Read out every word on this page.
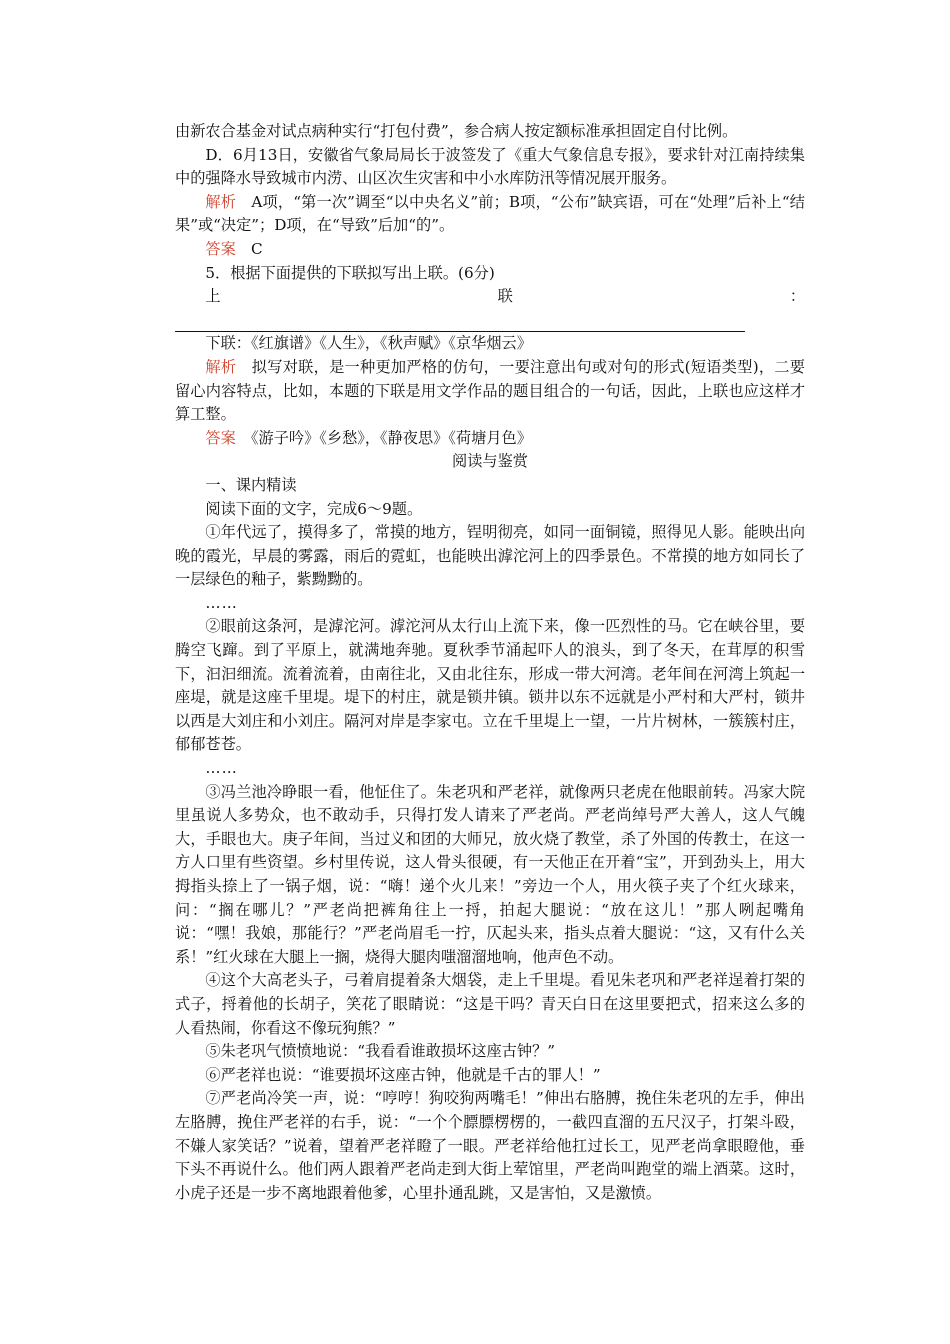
由新农合基金对试点病种实行“打包付费”，参合病人按定额标准承担固定自付比例。

D．6月13日，安徽省气象局局长于波签发了《重大气象信息专报》，要求针对江南持续集中的强降水导致城市内涝、山区次生灾害和中小水库防汛等情况展开服务。

解析　A项，“第一次”调至“以中央名义”前；B项，“公布”缺宾语，可在“处理”后补上“结果”或“决定”；D项，在“导致”后加“的”。

答案　C

5．根据下面提供的下联拟写出上联。(6分)

上联：

下联：《红旗谱》《人生》，《秋声赋》《京华烟云》

解析　拟写对联，是一种更加严格的仿句，一要注意出句或对句的形式(短语类型)，二要留心内容特点，比如，本题的下联是用文学作品的题目组合的一句话，因此，上联也应这样才算工整。

答案　《游子吟》《乡愁》，《静夜思》《荷塘月色》

阅读与鉴赏

一、课内精读

阅读下面的文字，完成6～9题。

①年代远了，摸得多了，常摸的地方，锃明彻亮，如同一面铜镜，照得见人影。能映出向晚的霞光，早晨的雾露，雨后的霓虹，也能映出滹沱河上的四季景色。不常摸的地方如同长了一层绿色的釉子，紫黝黝的。

……

②眼前这条河，是滹沱河。滹沱河从太行山上流下来，像一匹烈性的马。它在峡谷里，要腾空飞蹿。到了平原上，就满地奔驰。夏秋季节涌起吓人的浪头，到了冬天，在茸厚的积雪下，汩汩细流。流着流着，由南往北，又由北往东，形成一带大河湾。老年间在河湾上筑起一座堤，就是这座千里堤。堤下的村庄，就是锁井镇。锁井以东不远就是小严村和大严村，锁井以西是大刘庄和小刘庄。隔河对岸是李家屯。立在千里堤上一望，一片片树林，一簇簇村庄，郁郁苍苍。

……

③冯兰池冷睁眼一看，他怔住了。朱老巩和严老祥，就像两只老虎在他眼前转。冯家大院里虽说人多势众，也不敢动手，只得打发人请来了严老尚。严老尚绰号严大善人，这人气魄大，手眼也大。庚子年间，当过义和团的大师兄，放火烧了教堂，杀了外国的传教士，在这一方人口里有些资望。乡村里传说，这人骨头很硬，有一天他正在开着“宝”，开到劲头上，用大拇指头捺上了一锅子烟，说：“嗨！递个火儿来！”旁边一个人，用火筷子夹了个红火球来，问：“搁在哪儿？”严老尚把裤角往上一捋，拍起大腿说：“放在这儿！”那人咧起嘴角说：“嘿！我娘，那能行？”严老尚眉毛一拧，仄起头来，指头点着大腿说：“这，又有什么关系！”红火球在大腿上一搁，烧得大腿肉嗤溜溜地响，他声色不动。

④这个大高老头子，弓着肩提着条大烟袋，走上千里堤。看见朱老巩和严老祥逞着打架的式子，捋着他的长胡子，笑花了眼睛说：“这是干吗？青天白日在这里要把式，招来这么多的人看热闹，你看这不像玩狗熊？”

⑤朱老巩气愤愤地说：“我看看谁敢损坏这座古钟？”

⑥严老祥也说：“谁要损坏这座古钟，他就是千古的罪人！”

⑦严老尚冷笑一声，说：“哼哼！狗咬狗两嘴毛！”伸出右胳膊，挽住朱老巩的左手，伸出左胳膊，挽住严老祥的右手，说：“一个个膘膘楞楞的，一截四直溜的五尺汉子，打架斗殴，不嫌人家笑话？”说着，望着严老祥瞪了一眼。严老祥给他扛过长工，见严老尚拿眼瞪他，垂下头不再说什么。他们两人跟着严老尚走到大街上荤馆里，严老尚叫跑堂的端上酒菜。这时，小虎子还是一步不离地跟着他爹，心里扑通乱跳，又是害怕，又是激愤。
